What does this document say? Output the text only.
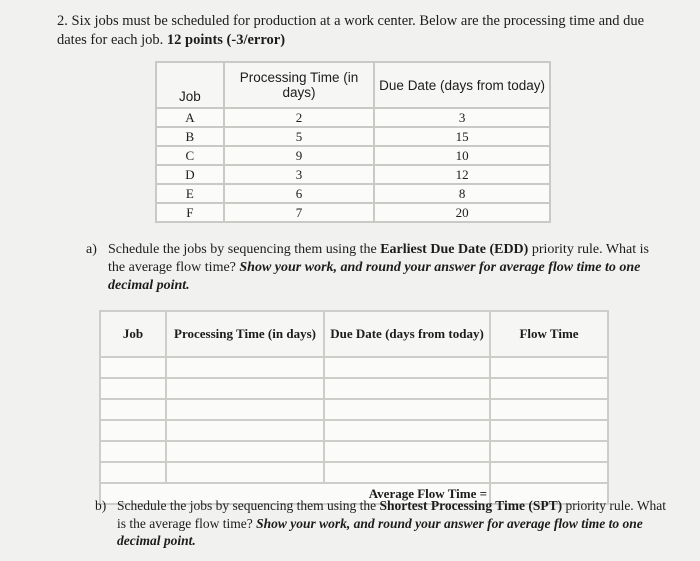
2. Six jobs must be scheduled for production at a work center. Below are the processing time and due dates for each job. 12 points (-3/error)
Job	Processing Time (in days)	Due Date (days from today)
A	2	3
B	5	15
C	9	10
D	3	12
E	6	8
F	7	20
a) Schedule the jobs by sequencing them using the Earliest Due Date (EDD) priority rule. What is the average flow time? Show your work, and round your answer for average flow time to one decimal point.
Job	Processing Time (in days)	Due Date (days from today)	Flow Time

Average Flow Time =			
b) Schedule the jobs by sequencing them using the Shortest Processing Time (SPT) priority rule. What is the average flow time? Show your work, and round your answer for average flow time to one decimal point.
